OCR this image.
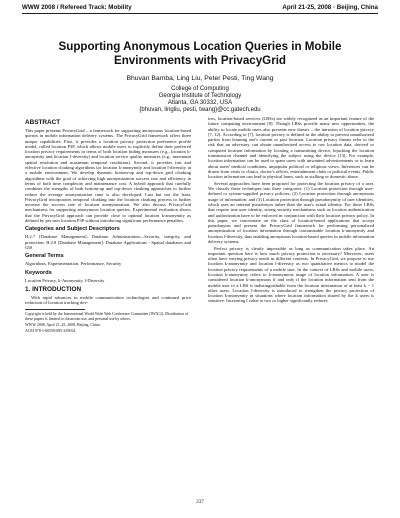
WWW 2008 / Refereed Track: Mobility	April 21-25, 2008 · Beijing, China
Supporting Anonymous Location Queries in Mobile
Environments with PrivacyGrid
Bhuvan Bamba, Ling Liu, Peter Pesti, Ting Wang
College of Computing
Georgia Institute of Technology
Atlanta, GA 30332, USA
{bhuvan, lingliu, pesti, twang}@cc.gatech.edu
ABSTRACT

This paper presents PrivacyGrid – a framework for supporting anonymous location-based queries in mobile information delivery systems. The PrivacyGrid framework offers three unique capabilities. First, it provides a location privacy protection preference profile model, called location P3P, which allows mobile users to explicitly define their preferred location privacy requirements in terms of both location hiding measures (e.g., location k-anonymity and location l-diversity) and location service quality measures (e.g., maximum spatial resolution and maximum temporal resolution). Second, it provides fast and effective location cloaking algorithms for location k-anonymity and location l-diversity in a mobile environment. We develop dynamic bottom-up and top-down grid cloaking algorithms with the goal of achieving high anonymization success rate and efficiency in terms of both time complexity and maintenance cost. A hybrid approach that carefully combines the strengths of both bottom-up and top-down cloaking approaches to further reduce the average anonymization time is also developed. Last but not the least, PrivacyGrid incorporates temporal cloaking into the location cloaking process to further increase the success rate of location anonymization. We also discuss PrivacyGrid mechanisms for supporting anonymous location queries. Experimental evaluation shows that the PrivacyGrid approach can provide close to optimal location k-anonymity as defined by per user location P3P without introducing significant performance penalties.

Categories and Subject Descriptors

H.2.7 [Database Management]: Database Administration—Security, integrity, and protection; H.2.8 [Database Management]: Database Applications - Spatial databases and GIS

General Terms

Algorithms, Experimentation, Performance, Security

Keywords

Location Privacy, k-Anonymity, l-Diversity

1. INTRODUCTION

With rapid advances in mobile communication technologies and continued price reduction of location tracking dev-

Copyright is held by the International World Wide Web Conference Committee (IW3C2). Distribution of these papers is limited to classroom use, and personal use by others.

WWW 2008, April 21–25, 2008, Beijing, China.

ACM 978-1-60558-085-2/08/04.

ices, location-based services (LBSs) are widely recognized as an important feature of the future computing environment [8]. Though LBSs provide many new opportunities, the ability to locate mobile users also presents new threats – the intrusion of location privacy [7, 12]. According to [7], location privacy is defined as the ability to prevent unauthorized parties from learning one's current or past location. Location privacy threats refer to the risk that an adversary can obtain unauthorized access to raw location data, derived or computed location information by locating a transmitting device, hijacking the location transmission channel and identifying the subject using the device [13]. For example, location information can be used to spam users with unwanted advertisements or to learn about users' medical conditions, unpopular political or religious views. Inferences can be drawn from visits to clinics, doctor's offices, entertainment clubs or political events. Public location information can lead to physical harm, such as stalking or domestic abuse.

Several approaches have been proposed for protecting the location privacy of a user. We classify these techniques into three categories: (1) Location protection through user-defined or system-supplied privacy policies; (2) Location protection through anonymous usage of information; and (3) Location protection through pseudonymity of user identities, which uses an internal pseudonym rather than the user's actual identity. For those LBSs that require true user identity, strong security mechanisms such as location authentication and authorization have to be enforced in conjunction with their location privacy policy. In this paper, we concentrate on the class of location-based applications that accept pseudonyms and present the PrivacyGrid framework for performing personalized anonymization of location information through customizable location k-anonymity and location l-diversity, thus enabling anonymous location-based queries in mobile information delivery systems.

Perfect privacy is clearly impossible as long as communication takes place. An important question here is how much privacy protection is necessary? Moreover, users often have varying privacy needs in different contexts. In PrivacyGrid, we propose to use location k-anonymity and location l-diversity as two quantitative metrics to model the location privacy requirements of a mobile user. In the context of LBSs and mobile users, location k-anonymity refers to k-anonymous usage of location information. A user is considered location k-anonymous if and only if the location information sent from the mobile user to a LBS is indistinguishable from the location information of at least k − 1 other users. Location l-diversity is introduced to strengthen the privacy protection of location k-anonymity in situations where location information shared by the k users is sensitive. Increasing l value to two or higher significantly reduces

237
